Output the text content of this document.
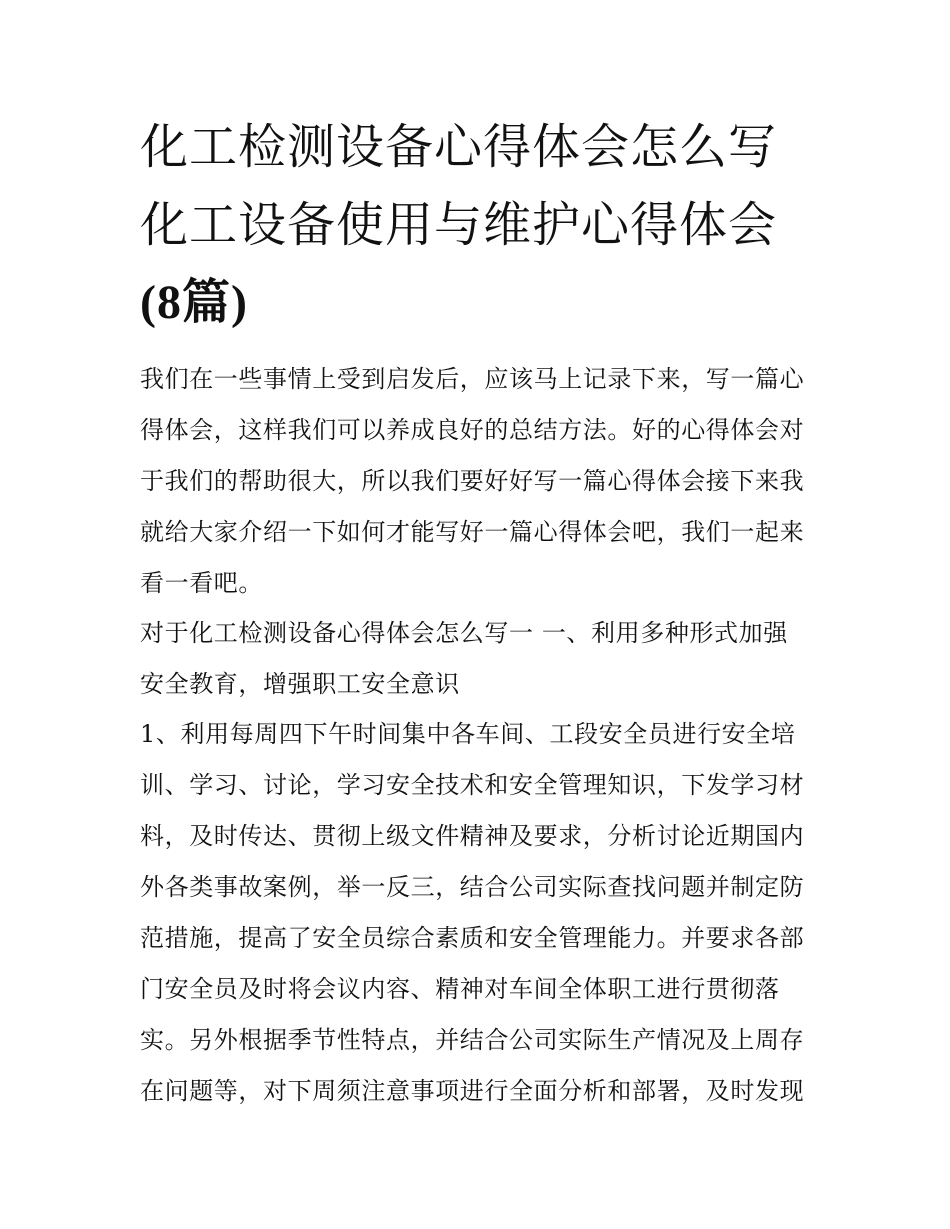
化工检测设备心得体会怎么写
化工设备使用与维护心得体会
(8篇)

我们在一些事情上受到启发后，应该马上记录下来，写一篇心
得体会，这样我们可以养成良好的总结方法。好的心得体会对
于我们的帮助很大，所以我们要好好写一篇心得体会接下来我
就给大家介绍一下如何才能写好一篇心得体会吧，我们一起来
看一看吧。

对于化工检测设备心得体会怎么写一 一、利用多种形式加强
安全教育，增强职工安全意识

1、利用每周四下午时间集中各车间、工段安全员进行安全培
训、学习、讨论，学习安全技术和安全管理知识，下发学习材
料，及时传达、贯彻上级文件精神及要求，分析讨论近期国内
外各类事故案例，举一反三，结合公司实际查找问题并制定防
范措施，提高了安全员综合素质和安全管理能力。并要求各部
门安全员及时将会议内容、精神对车间全体职工进行贯彻落
实。另外根据季节性特点，并结合公司实际生产情况及上周存
在问题等，对下周须注意事项进行全面分析和部署，及时发现
